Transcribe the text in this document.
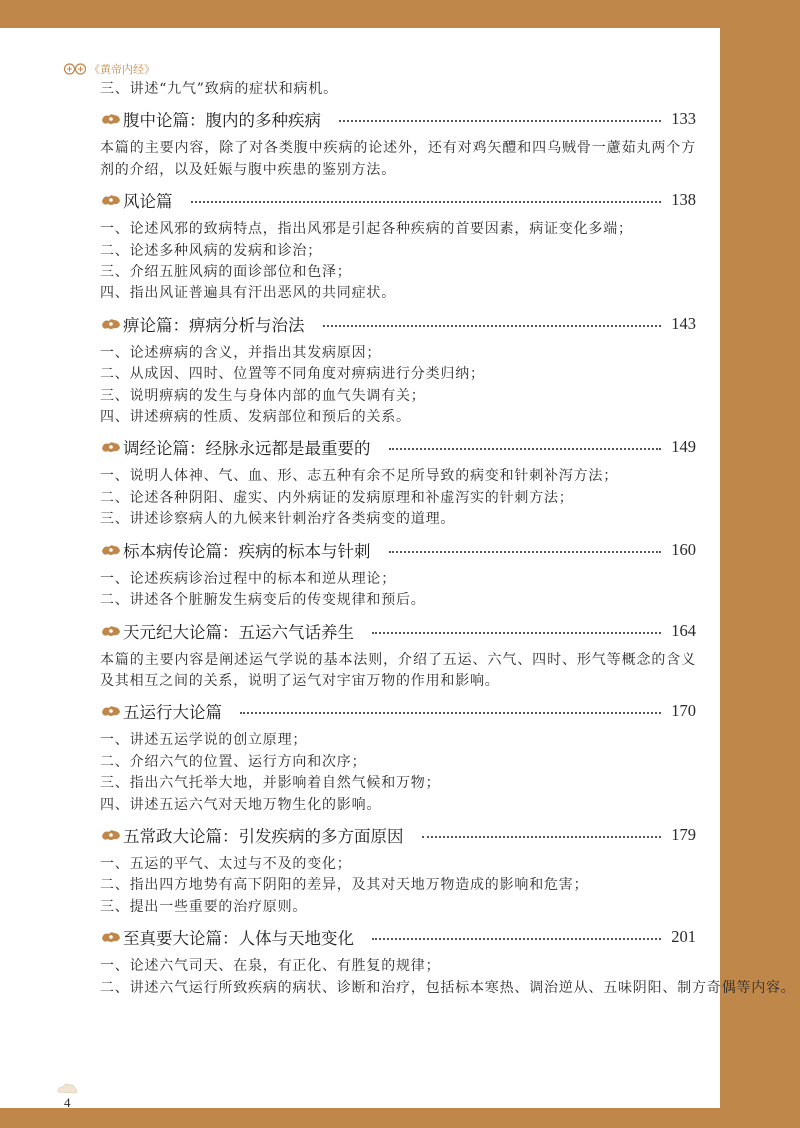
《黄帝内经》
三、讲述“九气”致病的症状和病机。
腹中论篇：腹内的多种疾病	133
本篇的主要内容，除了对各类腹中疾病的论述外，还有对鸡矢醴和四乌贼骨一藘茹丸两个方剂的介绍，以及妊娠与腹中疾患的鉴别方法。
风论篇	138
一、论述风邪的致病特点，指出风邪是引起各种疾病的首要因素，病证变化多端；
二、论述多种风病的发病和诊治；
三、介绍五脏风病的面诊部位和色泽；
四、指出风证普遍具有汗出恶风的共同症状。
痹论篇：痹病分析与治法	143
一、论述痹病的含义，并指出其发病原因；
二、从成因、四时、位置等不同角度对痹病进行分类归纳；
三、说明痹病的发生与身体内部的血气失调有关；
四、讲述痹病的性质、发病部位和预后的关系。
调经论篇：经脉永远都是最重要的	149
一、说明人体神、气、血、形、志五种有余不足所导致的病变和针刺补泻方法；
二、论述各种阴阳、虚实、内外病证的发病原理和补虚泻实的针刺方法；
三、讲述诊察病人的九候来针刺治疗各类病变的道理。
标本病传论篇：疾病的标本与针刺	160
一、论述疾病诊治过程中的标本和逆从理论；
二、讲述各个脏腑发生病变后的传变规律和预后。
天元纪大论篇：五运六气话养生	164
本篇的主要内容是阐述运气学说的基本法则，介绍了五运、六气、四时、形气等概念的含义及其相互之间的关系，说明了运气对宇宙万物的作用和影响。
五运行大论篇	170
一、讲述五运学说的创立原理；
二、介绍六气的位置、运行方向和次序；
三、指出六气托举大地，并影响着自然气候和万物；
四、讲述五运六气对天地万物生化的影响。
五常政大论篇：引发疾病的多方面原因	179
一、五运的平气、太过与不及的变化；
二、指出四方地势有高下阴阳的差异，及其对天地万物造成的影响和危害；
三、提出一些重要的治疗原则。
至真要大论篇：人体与天地变化	201
一、论述六气司天、在泉，有正化、有胜复的规律；
二、讲述六气运行所致疾病的病状、诊断和治疗，包括标本寒热、调治逆从、五味阴阳、制方奇偶等内容。
4
